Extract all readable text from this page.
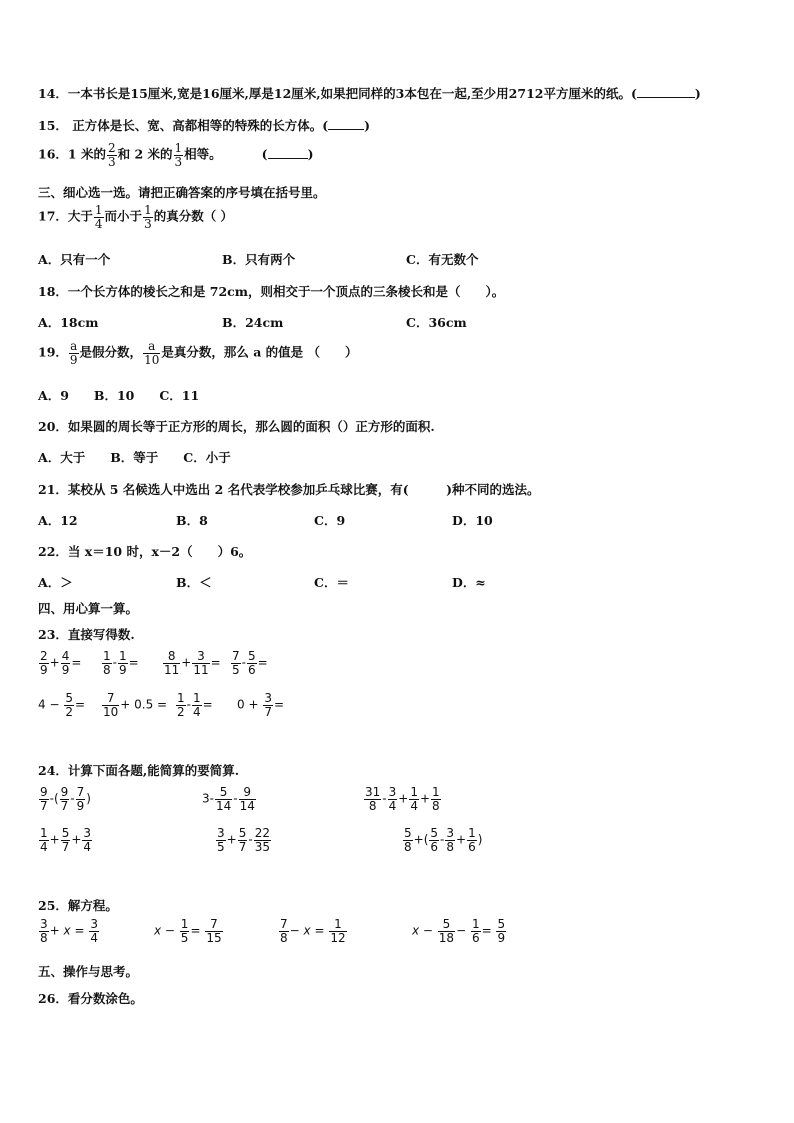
14．一本书长是15厘米,宽是16厘米,厚是12厘米,如果把同样的3本包在一起,至少用2712平方厘米的纸。(	)
15． 正方体是长、宽、高都相等的特殊的长方体。(	)
16．1 米的 $\frac{2}{3}$ 和 2 米的 $\frac{1}{3}$ 相等。	(	)
三、细心选一选。请把正确答案的序号填在括号里。
17．大于 $\frac{1}{4}$ 而小于 $\frac{1}{3}$ 的真分数（ ）
A．只有一个	B．只有两个	C．有无数个
18．一个长方体的棱长之和是 72cm，则相交于一个顶点的三条棱长和是（　　）。
A．18cm	B．24cm	C．36cm
19． $\frac{a}{9}$ 是假分数， $\frac{a}{10}$ 是真分数，那么 a 的值是 （　　）
A．9　　B．10　　C．11
20．如果圆的周长等于正方形的周长，那么圆的面积（）正方形的面积.
A．大于　　B．等于　　C．小于
21．某校从 5 名候选人中选出 2 名代表学校参加乒乓球比赛，有(　　　)种不同的选法。
A．12	B．8	C．9	D．10
22．当 x＝10 时，x－2（　　）6。
A．＞	B．＜	C．＝	D．≈
四、用心算一算。
23．直接写得数.
$\frac{2}{9} + \frac{4}{9} = \frac{1}{8} - \frac{1}{9} = \frac{8}{11} + \frac{3}{11} = \frac{7}{5} - \frac{5}{6}$ =
$4 - \frac{5}{2} = \frac{7}{10} + 0.5 = \frac{1}{2} - \frac{1}{4} = 0 + \frac{3}{7}$ =
24．计算下面各题,能简算的要简算.
$\frac{9}{7}$ -( $\frac{9}{7} - \frac{7}{9}$ )	$3- \frac{5}{14} - \frac{9}{14}$	$\frac{31}{8} - \frac{3}{4} + \frac{1}{4} + \frac{1}{8}$
$\frac{1}{4} + \frac{5}{7} + \frac{3}{4}$	$\frac{3}{5} + \frac{5}{7} - \frac{22}{35}$	$\frac{5}{8}$ +( $\frac{5}{6} - \frac{3}{8} + \frac{1}{6}$ )
25．解方程。
$\frac{3}{8} + x = \frac{3}{4}$	$x - \frac{1}{5} = \frac{7}{15}$	$\frac{7}{8} - x = \frac{1}{12}$	$x - \frac{5}{18} - \frac{1}{6} = \frac{5}{9}$
五、操作与思考。
26．看分数涂色。
